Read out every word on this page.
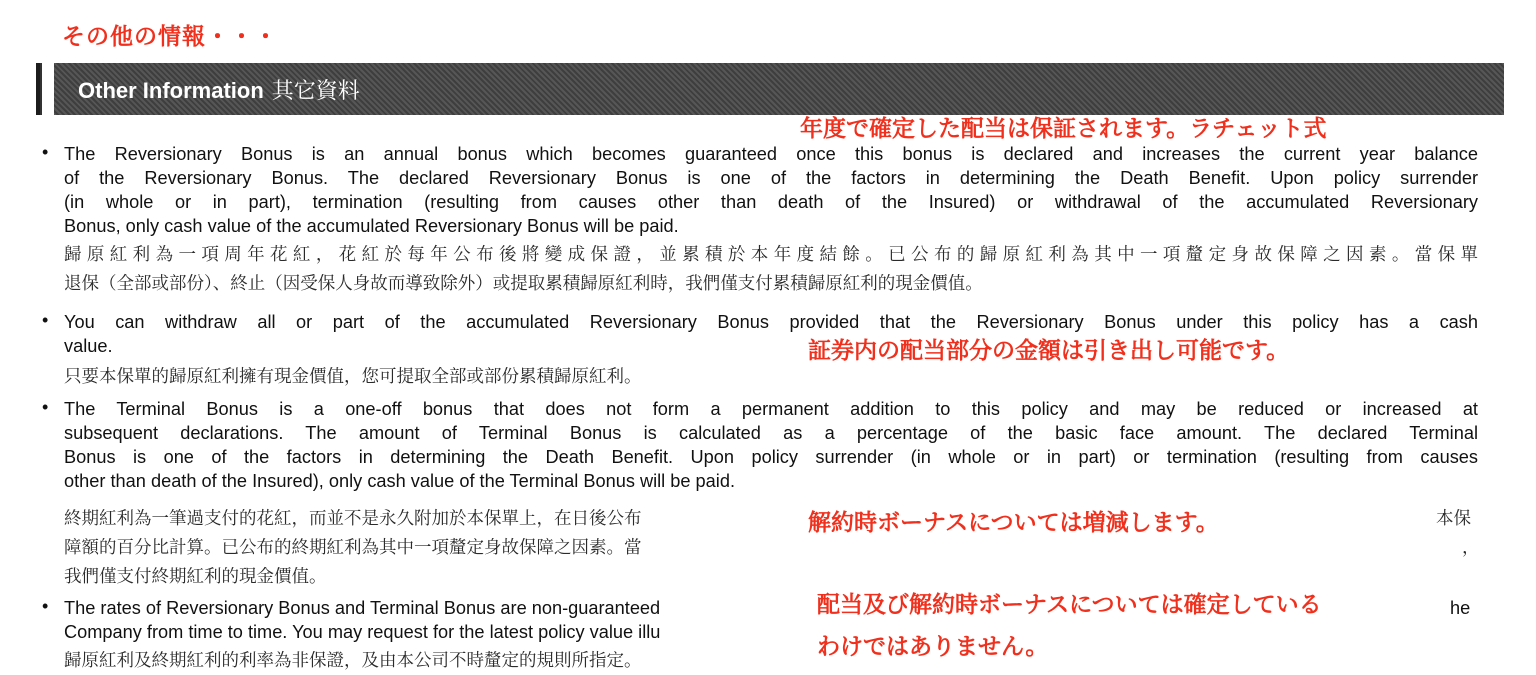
その他の情報・・・
Other Information 其它資料
• The Reversionary Bonus is an annual bonus which becomes guaranteed once this bonus is declared and increases the current year balance
of the Reversionary Bonus. The declared Reversionary Bonus is one of the factors in determining the Death Benefit. Upon policy surrender
(in whole or in part), termination (resulting from causes other than death of the Insured) or withdrawal of the accumulated Reversionary
Bonus, only cash value of the accumulated Reversionary Bonus will be paid.
歸原紅利為一項周年花紅，花紅於每年公布後將變成保證，並累積於本年度結餘。已公布的歸原紅利為其中一項釐定身故保障之因素。當保單
退保（全部或部份）、終止（因受保人身故而導致除外）或提取累積歸原紅利時，我們僅支付累積歸原紅利的現金價值。
• You can withdraw all or part of the accumulated Reversionary Bonus provided that the Reversionary Bonus under this policy has a cash
value.
只要本保單的歸原紅利擁有現金價值，您可提取全部或部份累積歸原紅利。
• The Terminal Bonus is a one-off bonus that does not form a permanent addition to this policy and may be reduced or increased at
subsequent declarations. The amount of Terminal Bonus is calculated as a percentage of the basic face amount. The declared Terminal
Bonus is one of the factors in determining the Death Benefit. Upon policy surrender (in whole or in part) or termination (resulting from causes
other than death of the Insured), only cash value of the Terminal Bonus will be paid.
終期紅利為一筆過支付的花紅，而並不是永久附加於本保單上，在日後公布
障額的百分比計算。已公布的終期紅利為其中一項釐定身故保障之因素。當
我們僅支付終期紅利的現金價值。
本保
，
• The rates of Reversionary Bonus and Terminal Bonus are non-guaranteed
Company from time to time. You may request for the latest policy value illu
he
歸原紅利及終期紅利的利率為非保證，及由本公司不時釐定的規則所指定。
年度で確定した配当は保証されます。ラチェット式
証券内の配当部分の金額は引き出し可能です。
解約時ボーナスについては増減します。
配当及び解約時ボーナスについては確定している
わけではありません。
